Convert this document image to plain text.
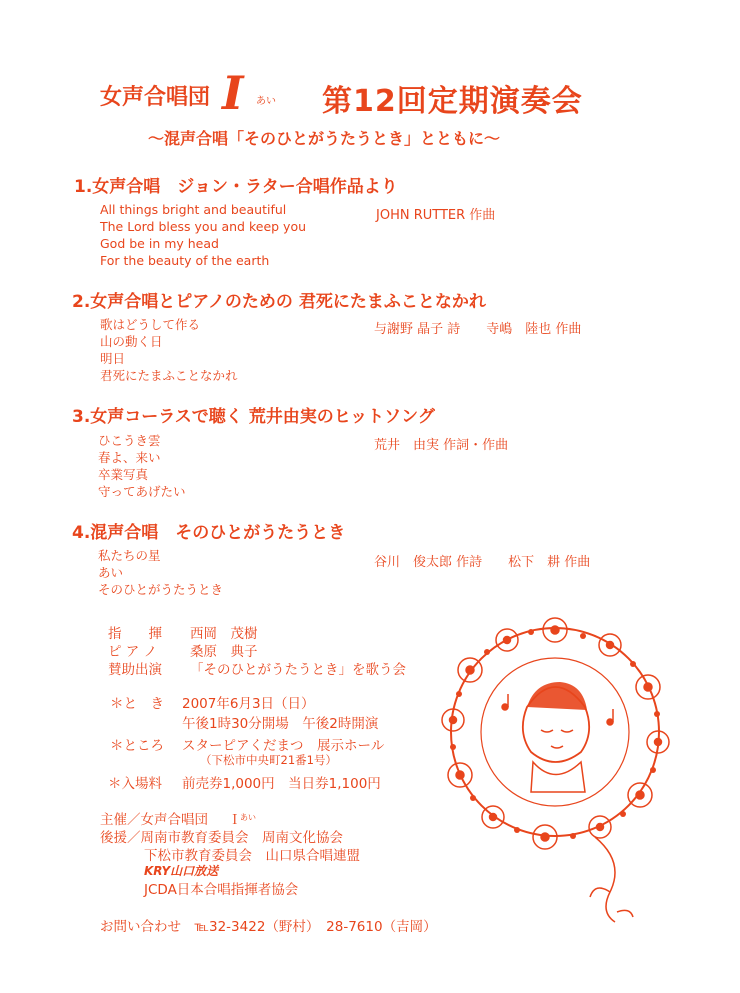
女声合唱団 I あい 第12回定期演奏会
～混声合唱「そのひとがうたうとき」とともに～
1.女声合唱　ジョン・ラター合唱作品より
All things bright and beautiful
The Lord bless you and keep you
God be in my head
For the beauty of the earth
JOHN RUTTER 作曲
2.女声合唱とピアノのための 君死にたまふことなかれ
歌はどうして作る
山の動く日
明日
君死にたまふことなかれ
与謝野 晶子 詩　　寺嶋　陸也 作曲
3.女声コーラスで聴く 荒井由実のヒットソング
ひこうき雲
春よ、来い
卒業写真
守ってあげたい
荒井　由実 作詞・作曲
4.混声合唱　そのひとがうたうとき
私たちの星
あい
そのひとがうたうとき
谷川　俊太郎 作詩　　松下　耕 作曲
指　　揮 西岡　茂樹
ピ ア ノ 桑原　典子
賛助出演 「そのひとがうたうとき」を歌う会
＊と　き 2007年6月3日（日）
午後1時30分開場　午後2時開演
＊ところ スターピアくだまつ　展示ホール
（下松市中央町21番1号）
＊入場料 前売券1,000円　当日券1,100円
主催／女声合唱団 Ｉ
あい
後援／周南市教育委員会　周南文化協会
下松市教育委員会　山口県合唱連盟
KRY山口放送
JCDA日本合唱指揮者協会
お問い合わせ　℡32-3422（野村）　28-7610（吉岡）
